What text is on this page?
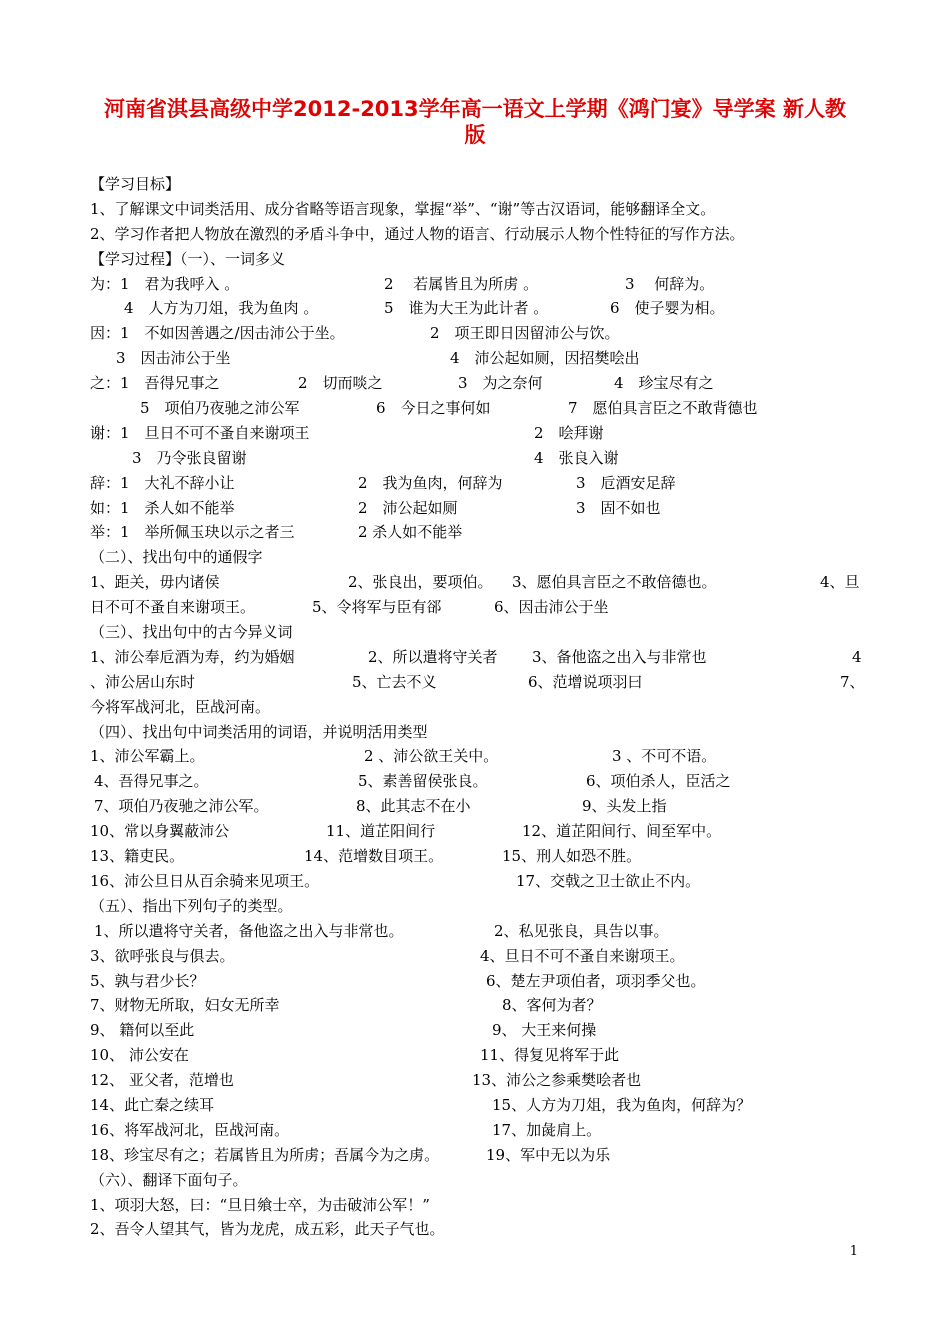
河南省淇县高级中学2012-2013学年高一语文上学期《鸿门宴》导学案 新人教
版
【学习目标】
1、了解课文中词类活用、成分省略等语言现象，掌握“举”、“谢”等古汉语词，能够翻译全文。
2、学习作者把人物放在激烈的矛盾斗争中，通过人物的语言、行动展示人物个性特征的写作方法。
【学习过程】（一）、一词多义
为：1　君为我呼入 。	2　 若属皆且为所虏 。	3　 何辞为。
4　人方为刀俎，我为鱼肉 。	5　谁为大王为此计者 。	6　使子婴为相。
因：1　不如因善遇之/因击沛公于坐。	2　项王即日因留沛公与饮。
3　因击沛公于坐	4　沛公起如厕，因招樊哙出
之：1　吾得兄事之	2　切而啖之	3　为之奈何	4　珍宝尽有之
5　项伯乃夜驰之沛公军	6　今日之事何如	7　愿伯具言臣之不敢背德也
谢：1　旦日不可不蚤自来谢项王	2　哙拜谢
3　乃令张良留谢	4　张良入谢
辞：1　大礼不辞小让	2　我为鱼肉，何辞为	3　卮酒安足辞
如：1　杀人如不能举	2　沛公起如厕	3　固不如也
举：1　举所佩玉玦以示之者三	2 杀人如不能举
（二）、找出句中的通假字
1、距关，毋内诸侯	2、张良出，要项伯。 3、愿伯具言臣之不敢倍德也。	4、旦
日不可不蚤自来谢项王。	5、令将军与臣有郤	6、因击沛公于坐
（三）、找出句中的古今异义词
1、沛公奉卮酒为寿，约为婚姻	2、所以遣将守关者 3、备他盗之出入与非常也	4
、沛公居山东时	5、亡去不义	6、范增说项羽曰	7、
今将军战河北，臣战河南。
（四）、找出句中词类活用的词语，并说明活用类型
1、沛公军霸上。	2 、沛公欲王关中。	3 、不可不语。
4、吾得兄事之。	5、素善留侯张良。	6、项伯杀人，臣活之
7、项伯乃夜驰之沛公军。	8、此其志不在小	9、头发上指
10、常以身翼蔽沛公	11、道芷阳间行	12、道芷阳间行、间至军中。
13、籍吏民。	14、范增数目项王。	15、刑人如恐不胜。
16、沛公旦日从百余骑来见项王。	17、交戟之卫士欲止不内。
（五）、指出下列句子的类型。
1、所以遣将守关者，备他盗之出入与非常也。	2、私见张良，具告以事。
3、欲呼张良与俱去。	4、旦日不可不蚤自来谢项王。
5、孰与君少长？	6、楚左尹项伯者，项羽季父也。
7、财物无所取，妇女无所幸	8、客何为者？
9、 籍何以至此	9、 大王来何操
10、 沛公安在	11、得复见将军于此
12、 亚父者，范增也	13、沛公之参乘樊哙者也
14、此亡秦之续耳	15、人方为刀俎，我为鱼肉，何辞为？
16、将军战河北，臣战河南。	17、加彘肩上。
18、珍宝尽有之；若属皆且为所虏；吾属今为之虏。	19、军中无以为乐
（六）、翻译下面句子。
1、项羽大怒，曰：“旦日飨士卒，为击破沛公军！”
2、吾令人望其气，皆为龙虎，成五彩，此天子气也。
1
